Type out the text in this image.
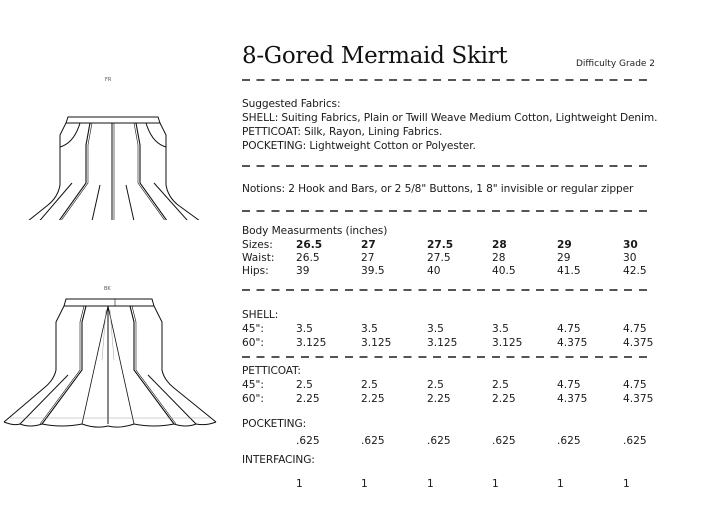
8-Gored Mermaid Skirt	Difficulty Grade 2
FR
BK
Suggested Fabrics:
SHELL: Suiting Fabrics, Plain or Twill Weave Medium Cotton, Lightweight Denim.
PETTICOAT: Silk, Rayon, Lining Fabrics.
POCKETING: Lightweight Cotton or Polyester.
Notions: 2 Hook and Bars, or 2 5/8" Buttons, 1 8" invisible or regular zipper
Body Measurments (inches)
Sizes: 26.5	27	27.5	28	29	30
Waist: 26.5	27	27.5	28	29	30
Hips:	39	39.5	40	40.5	41.5	42.5
SHELL:
45":	3.5	3.5	3.5	3.5	4.75	4.75
60":	3.125	3.125	3.125	3.125	4.375	4.375
PETTICOAT:
45":	2.5	2.5	2.5	2.5	4.75	4.75
60":	2.25	2.25	2.25	2.25	4.375	4.375
POCKETING:
.625	.625	.625	.625	.625	.625
INTERFACING:
1	1	1	1	1	1
